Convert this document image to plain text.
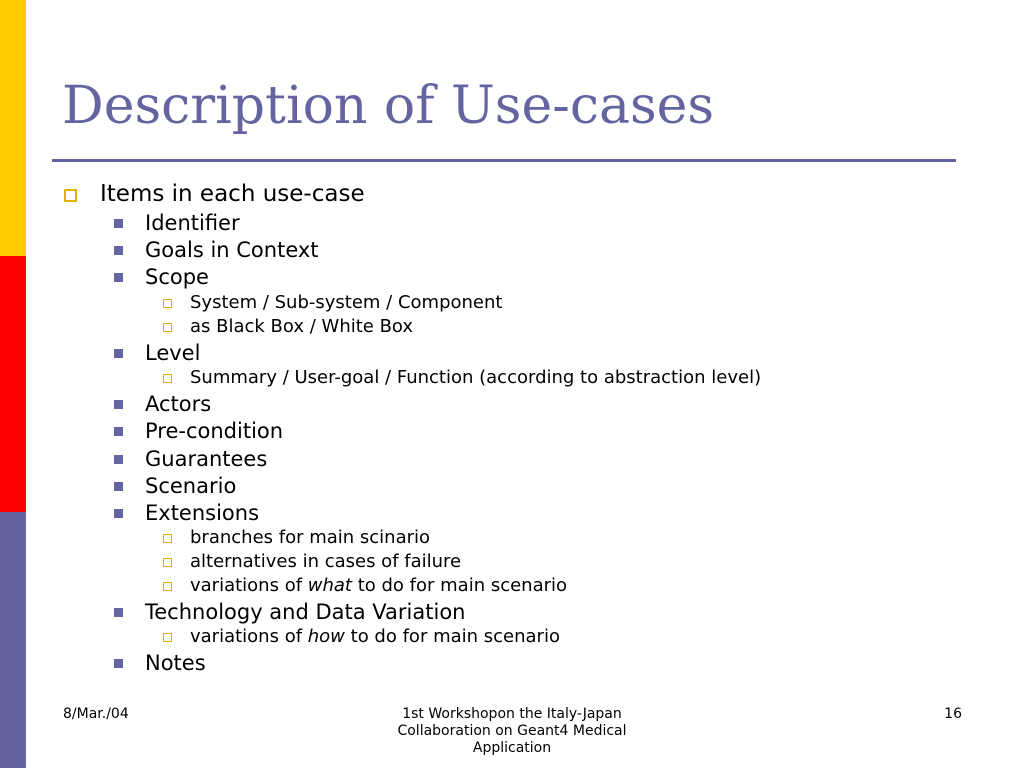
Description of Use-cases
Items in each use-case
Identifier
Goals in Context
Scope
System / Sub-system / Component
as Black Box / White Box
Level
Summary / User-goal / Function (according to abstraction level)
Actors
Pre-condition
Guarantees
Scenario
Extensions
branches for main scinario
alternatives in cases of failure
variations of what to do for main scenario
Technology and Data Variation
variations of how to do for main scenario
Notes
8/Mar./04	1st Workshopon the Italy-Japan
Collaboration on Geant4 Medical
Application
16
